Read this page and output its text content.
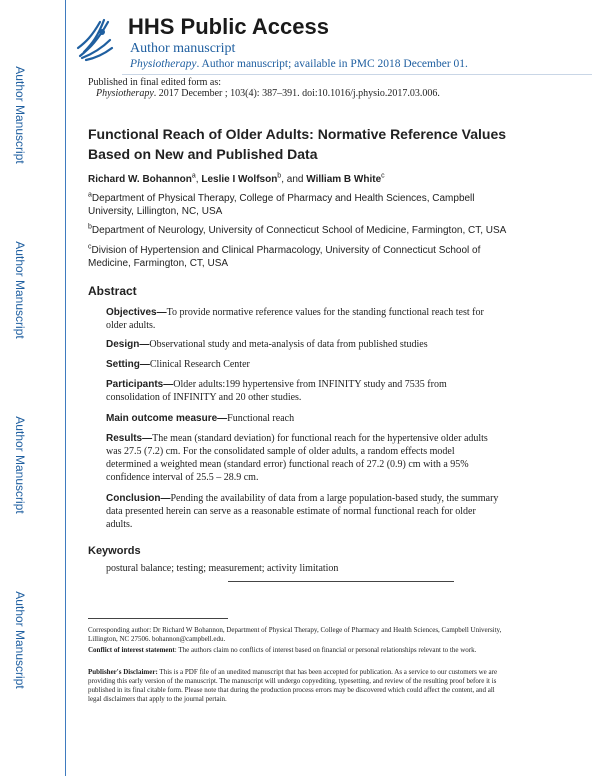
Author Manuscript
Author Manuscript
Author Manuscript
Author Manuscript
HHS Public Access
Author manuscript
Physiotherapy. Author manuscript; available in PMC 2018 December 01.
Published in final edited form as:
Physiotherapy. 2017 December ; 103(4): 387–391. doi:10.1016/j.physio.2017.03.006.
Functional Reach of Older Adults: Normative Reference Values Based on New and Published Data
Richard W. Bohannon$^a$, Leslie I Wolfson$^b$, and William B White$^c$
$^a$Department of Physical Therapy, College of Pharmacy and Health Sciences, Campbell University, Lillington, NC, USA
$^b$Department of Neurology, University of Connecticut School of Medicine, Farmington, CT, USA
$^c$Division of Hypertension and Clinical Pharmacology, University of Connecticut School of Medicine, Farmington, CT, USA
Abstract
Objectives—To provide normative reference values for the standing functional reach test for older adults.
Design—Observational study and meta-analysis of data from published studies
Setting—Clinical Research Center
Participants—Older adults:199 hypertensive from INFINITY study and 7535 from consolidation of INFINITY and 20 other studies.
Main outcome measure—Functional reach
Results—The mean (standard deviation) for functional reach for the hypertensive older adults was 27.5 (7.2) cm. For the consolidated sample of older adults, a random effects model determined a weighted mean (standard error) functional reach of 27.2 (0.9) cm with a 95% confidence interval of 25.5 – 28.9 cm.
Conclusion—Pending the availability of data from a large population-based study, the summary data presented herein can serve as a reasonable estimate of normal functional reach for older adults.
Keywords
postural balance; testing; measurement; activity limitation
Corresponding author: Dr Richard W Bohannon, Department of Physical Therapy, College of Pharmacy and Health Sciences, Campbell University, Lillington, NC 27506. bohannon@campbell.edu.
Conflict of interest statement: The authors claim no conflicts of interest based on financial or personal relationships relevant to the work.
Publisher's Disclaimer: This is a PDF file of an unedited manuscript that has been accepted for publication. As a service to our customers we are providing this early version of the manuscript. The manuscript will undergo copyediting, typesetting, and review of the resulting proof before it is published in its final citable form. Please note that during the production process errors may be discovered which could affect the content, and all legal disclaimers that apply to the journal pertain.
